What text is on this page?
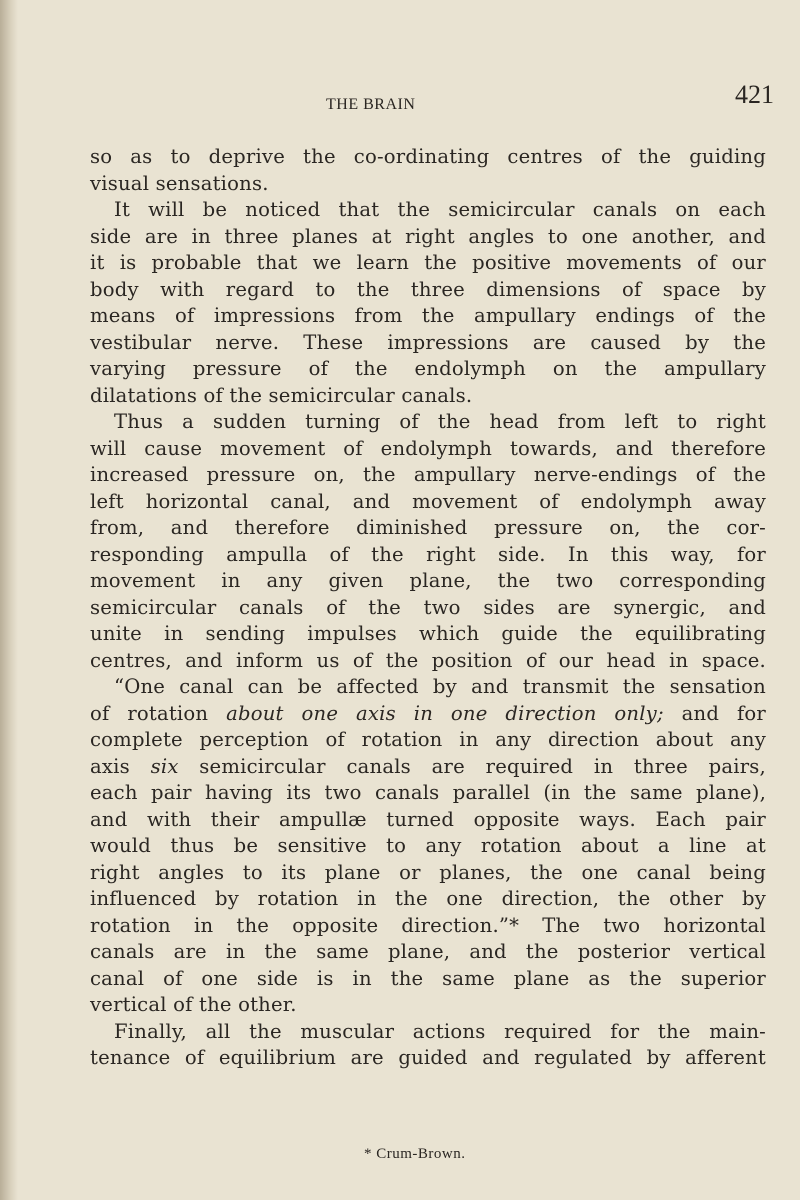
THE BRAIN	421
so as to deprive the co-ordinating centres of the guiding
visual sensations.
It will be noticed that the semicircular canals on each
side are in three planes at right angles to one another, and
it is probable that we learn the positive movements of our
body with regard to the three dimensions of space by
means of impressions from the ampullary endings of the
vestibular nerve. These impressions are caused by the
varying pressure of the endolymph on the ampullary
dilatations of the semicircular canals.
Thus a sudden turning of the head from left to right
will cause movement of endolymph towards, and therefore
increased pressure on, the ampullary nerve-endings of the
left horizontal canal, and movement of endolymph away
from, and therefore diminished pressure on, the cor-
responding ampulla of the right side. In this way, for
movement in any given plane, the two corresponding
semicircular canals of the two sides are synergic, and
unite in sending impulses which guide the equilibrating
centres, and inform us of the position of our head in space.
“One canal can be affected by and transmit the sensation
of rotation about one axis in one direction only; and for
complete perception of rotation in any direction about any
axis six semicircular canals are required in three pairs,
each pair having its two canals parallel (in the same plane),
and with their ampullæ turned opposite ways. Each pair
would thus be sensitive to any rotation about a line at
right angles to its plane or planes, the one canal being
influenced by rotation in the one direction, the other by
rotation in the opposite direction.”* The two horizontal
canals are in the same plane, and the posterior vertical
canal of one side is in the same plane as the superior
vertical of the other.
Finally, all the muscular actions required for the main-
tenance of equilibrium are guided and regulated by afferent
* Crum-Brown.
